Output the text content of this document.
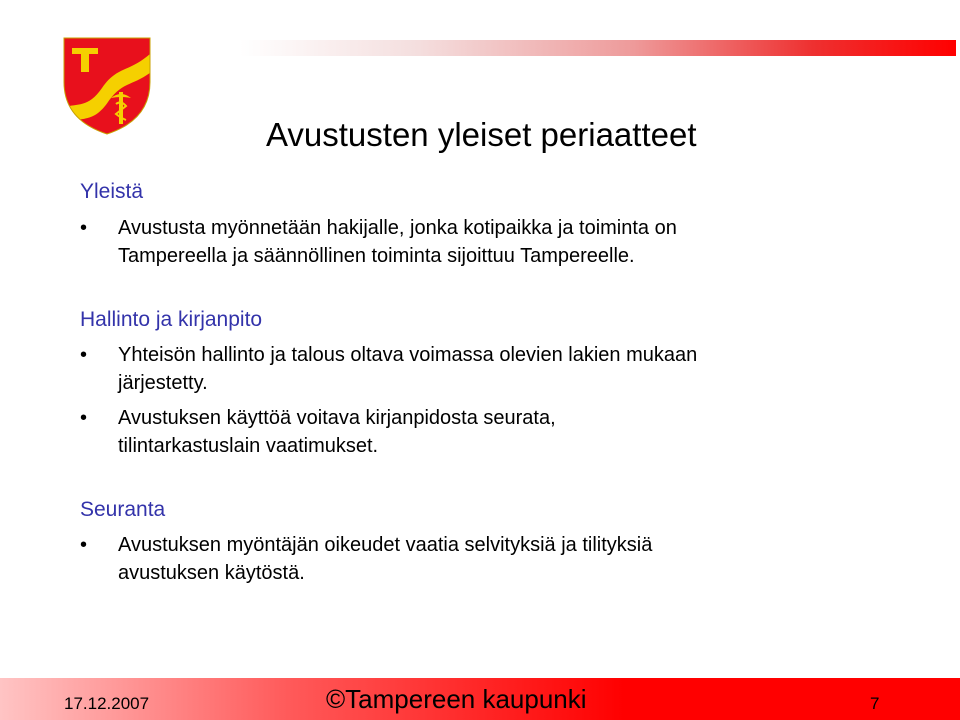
Avustusten yleiset periaatteet
Yleistä
• Avustusta myönnetään hakijalle, jonka kotipaikka ja toiminta on
Tampereella ja säännöllinen toiminta sijoittuu Tampereelle.
Hallinto ja kirjanpito
• Yhteisön hallinto ja talous oltava voimassa olevien lakien mukaan
järjestetty.
• Avustuksen käyttöä voitava kirjanpidosta seurata,
tilintarkastuslain vaatimukset.
Seuranta
• Avustuksen myöntäjän oikeudet vaatia selvityksiä ja tilityksiä
avustuksen käytöstä.
17.12.2007	©Tampereen kaupunki	7
